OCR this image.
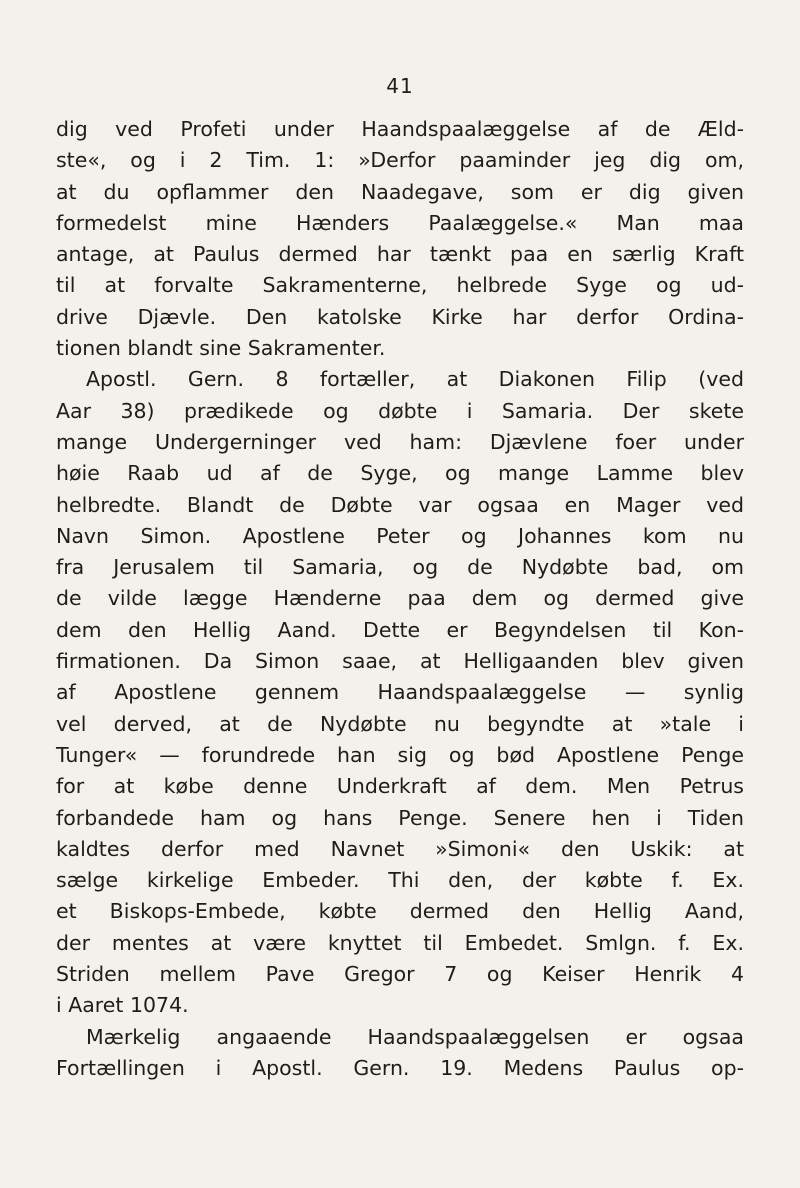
41
dig ved Profeti under Haandspaalæggelse af de Æld-
ste«, og i 2 Tim. 1: »Derfor paaminder jeg dig om,
at du opflammer den Naadegave, som er dig given
formedelst mine Hænders Paalæggelse.« Man maa
antage, at Paulus dermed har tænkt paa en særlig Kraft
til at forvalte Sakramenterne, helbrede Syge og ud-
drive Djævle. Den katolske Kirke har derfor Ordina-
tionen blandt sine Sakramenter.
Apostl. Gern. 8 fortæller, at Diakonen Filip (ved
Aar 38) prædikede og døbte i Samaria. Der skete
mange Undergerninger ved ham: Djævlene foer under
høie Raab ud af de Syge, og mange Lamme blev
helbredte. Blandt de Døbte var ogsaa en Mager ved
Navn Simon. Apostlene Peter og Johannes kom nu
fra Jerusalem til Samaria, og de Nydøbte bad, om
de vilde lægge Hænderne paa dem og dermed give
dem den Hellig Aand. Dette er Begyndelsen til Kon-
firmationen. Da Simon saae, at Helligaanden blev given
af Apostlene gennem Haandspaalæggelse — synlig
vel derved, at de Nydøbte nu begyndte at »tale i
Tunger« — forundrede han sig og bød Apostlene Penge
for at købe denne Underkraft af dem. Men Petrus
forbandede ham og hans Penge. Senere hen i Tiden
kaldtes derfor med Navnet »Simoni« den Uskik: at
sælge kirkelige Embeder. Thi den, der købte f. Ex.
et Biskops-Embede, købte dermed den Hellig Aand,
der mentes at være knyttet til Embedet. Smlgn. f. Ex.
Striden mellem Pave Gregor 7 og Keiser Henrik 4
i Aaret 1074.
Mærkelig angaaende Haandspaalæggelsen er ogsaa
Fortællingen i Apostl. Gern. 19. Medens Paulus op-
